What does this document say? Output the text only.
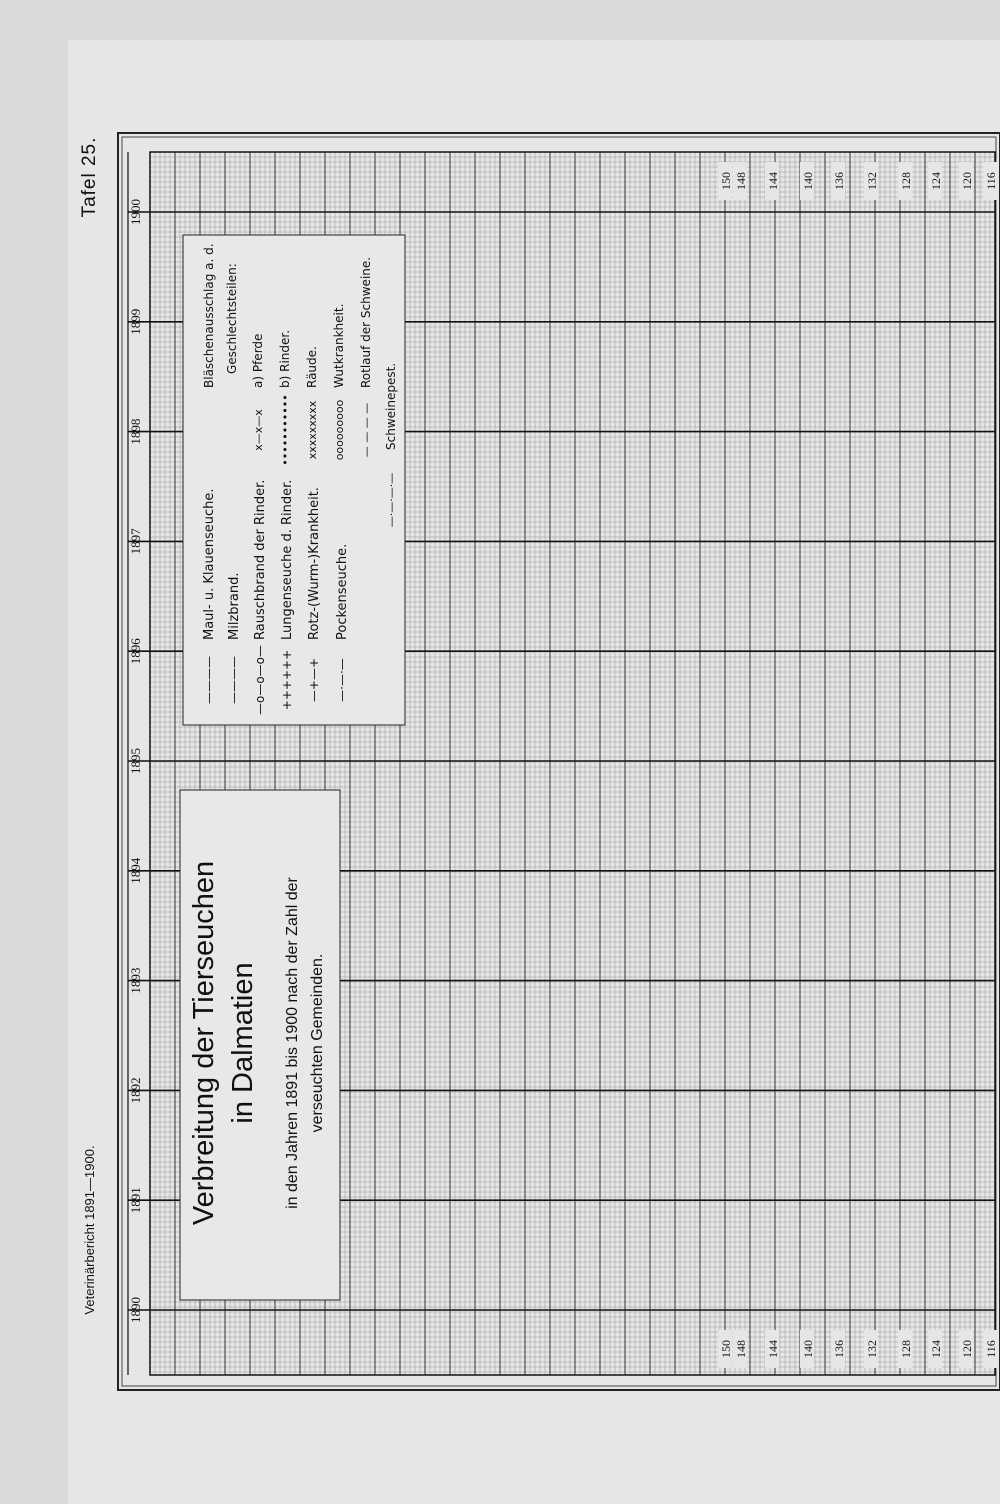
1890
1891
1892
1893
1894
1895
1896
1897
1898
1899
1900
150
150
148
148
144
144
140
140
136
136
132
132
128
128
124
124
120
120
116
116
Verbreitung der Tierseuchen in Dalmatien in den Jahren 1891 bis 1900 nach der Zahl der verseuchten Gemeinden.
————
Maul- u. Klauenseuche.
————
Milzbrand.
—o—o—o—
Rauschbrand der Rinder.
++++++
Lungenseuche d. Rinder.
—+—+
Rotz-(Wurm-)Krankheit.
—·—·—
Pockenseuche.
Bläschenausschlag a. d. Geschlechtsteilen:
x—x—x
a) Pferde
•••••••••••
b) Rinder.
xxxxxxxxx
Räude.
ooooooooo
Wutkrankheit.
— — — —
Rotlauf der Schweine.
—·—·—·—
Schweinepest.
Veterinärbericht 1891—1900.
Tafel 25.
